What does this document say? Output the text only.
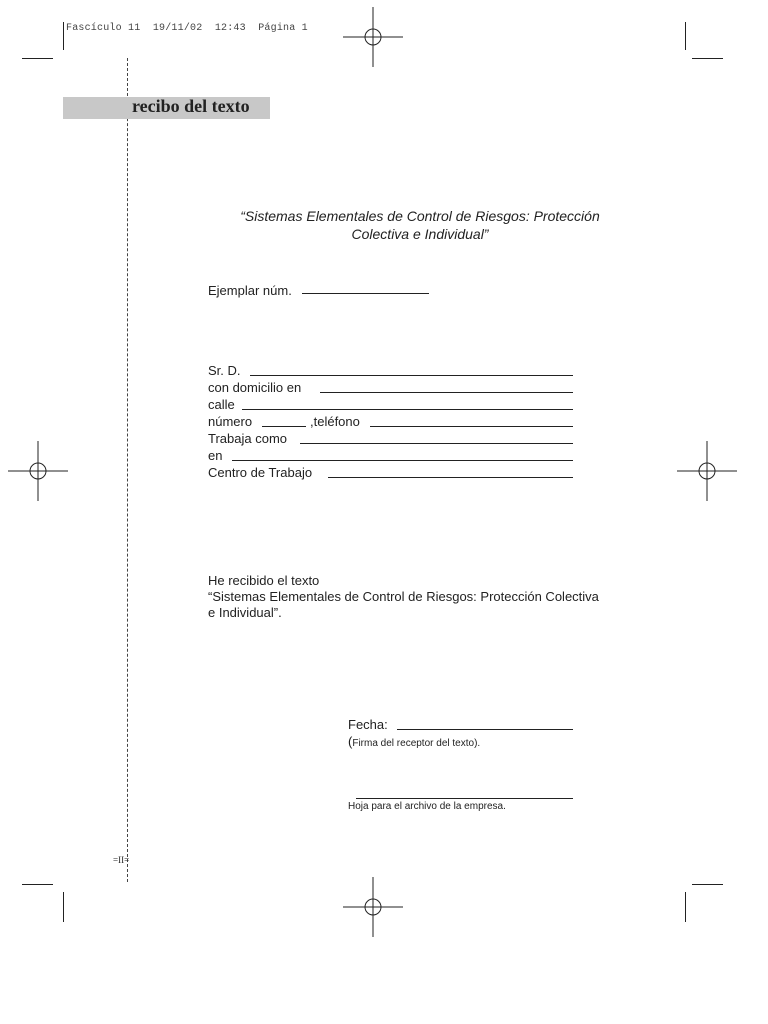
Fascículo 11  19/11/02  12:43  Página 1
recibo del texto
“Sistemas Elementales de Control de Riesgos: Protección
Colectiva e Individual”
Ejemplar núm.
Sr. D.
con domicilio en
calle
número	,teléfono
Trabaja como
en
Centro de Trabajo
He recibido el texto
“Sistemas Elementales de Control de Riesgos: Protección Colectiva
e Individual”.
Fecha:
(Firma del receptor del texto).
Hoja para el archivo de la empresa.
=II=
